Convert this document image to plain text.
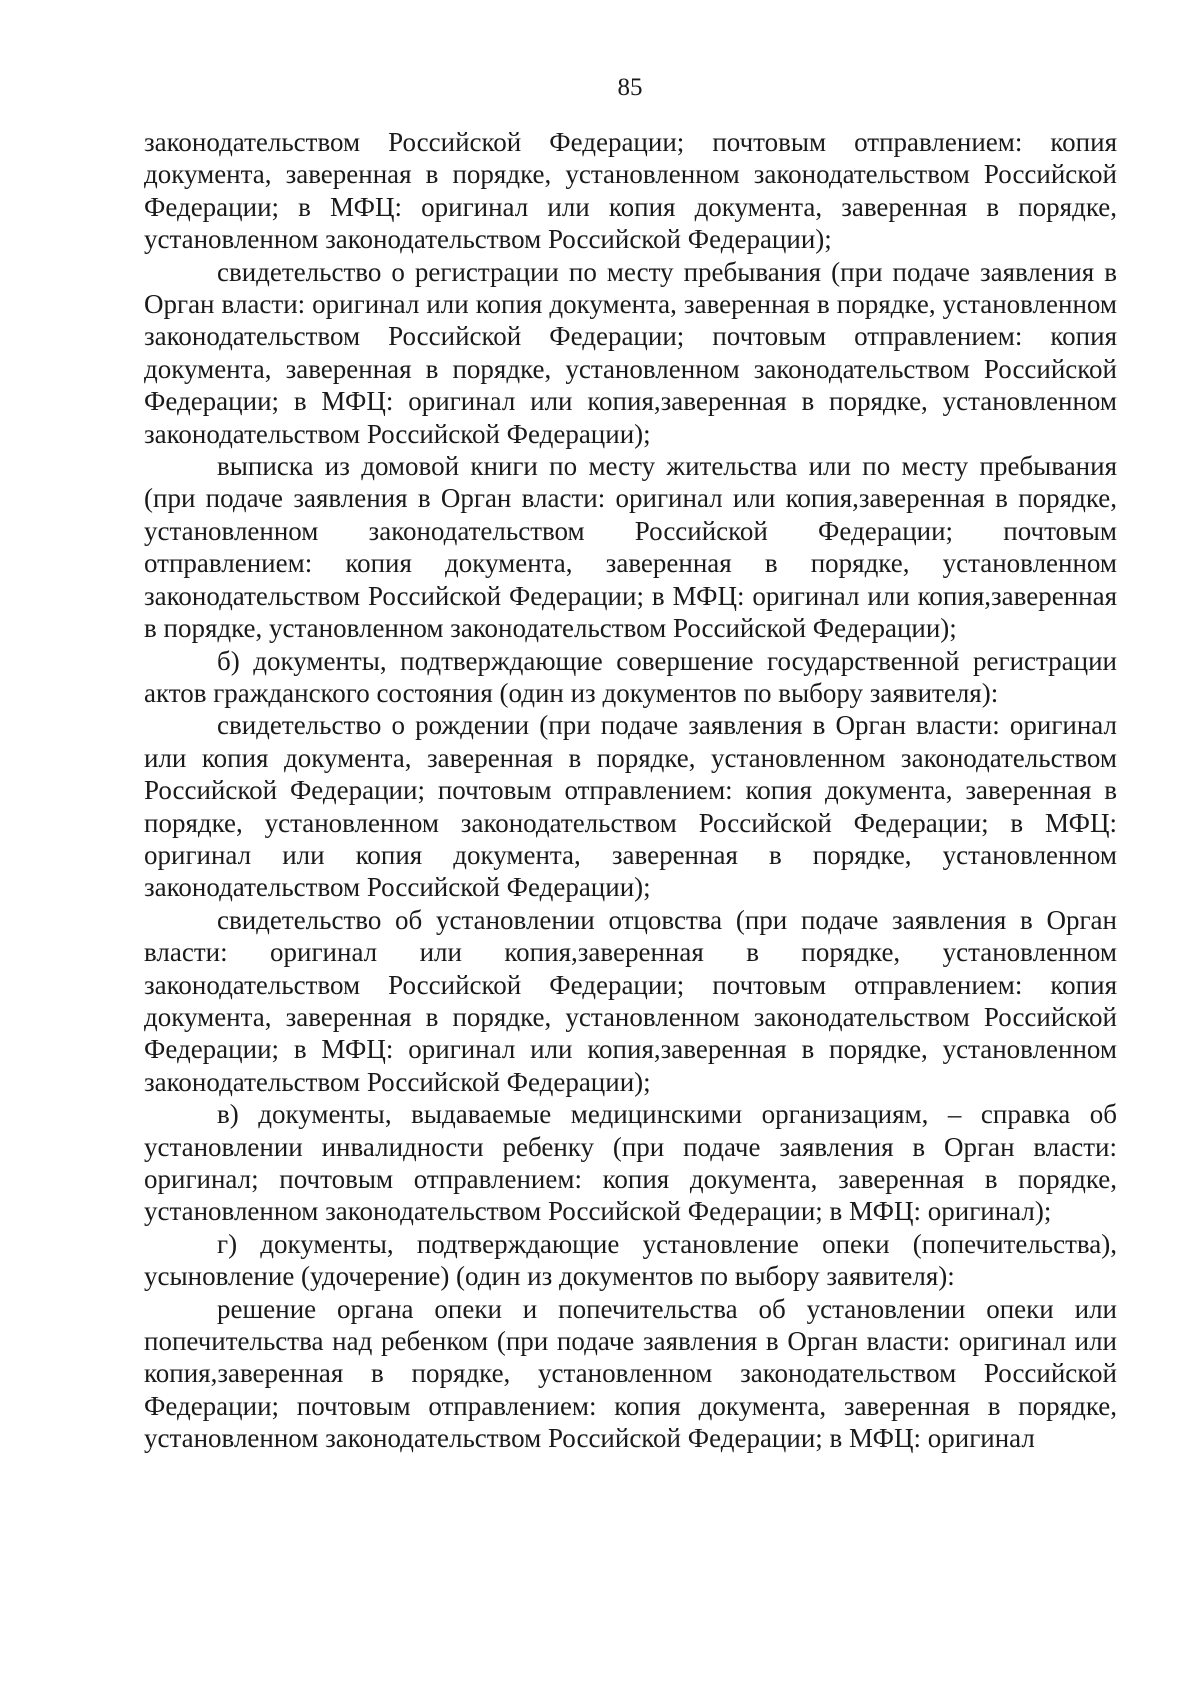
85

законодательством Российской Федерации; почтовым отправлением: копия документа, заверенная в порядке, установленном законодательством Российской Федерации; в МФЦ: оригинал или копия документа, заверенная в порядке, установленном законодательством Российской Федерации);

свидетельство о регистрации по месту пребывания (при подаче заявления в Орган власти: оригинал или копия документа, заверенная в порядке, установленном законодательством Российской Федерации; почтовым отправлением: копия документа, заверенная в порядке, установленном законодательством Российской Федерации; в МФЦ: оригинал или копия,заверенная в порядке, установленном законодательством Российской Федерации);

выписка из домовой книги по месту жительства или по месту пребывания (при подаче заявления в Орган власти: оригинал или копия,заверенная в порядке, установленном законодательством Российской Федерации; почтовым отправлением: копия документа, заверенная в порядке, установленном законодательством Российской Федерации; в МФЦ: оригинал или копия,заверенная в порядке, установленном законодательством Российской Федерации);

б) документы, подтверждающие совершение государственной регистрации актов гражданского состояния (один из документов по выбору заявителя):

свидетельство о рождении (при подаче заявления в Орган власти: оригинал или копия документа, заверенная в порядке, установленном законодательством Российской Федерации; почтовым отправлением: копия документа, заверенная в порядке, установленном законодательством Российской Федерации; в МФЦ: оригинал или копия документа, заверенная в порядке, установленном законодательством Российской Федерации);

свидетельство об установлении отцовства (при подаче заявления в Орган власти: оригинал или копия,заверенная в порядке, установленном законодательством Российской Федерации; почтовым отправлением: копия документа, заверенная в порядке, установленном законодательством Российской Федерации; в МФЦ: оригинал или копия,заверенная в порядке, установленном законодательством Российской Федерации);

в) документы, выдаваемые медицинскими организациям, – справка об установлении инвалидности ребенку (при подаче заявления в Орган власти: оригинал; почтовым отправлением: копия документа, заверенная в порядке, установленном законодательством Российской Федерации; в МФЦ: оригинал);

г) документы, подтверждающие установление опеки (попечительства), усыновление (удочерение) (один из документов по выбору заявителя):

решение органа опеки и попечительства об установлении опеки или попечительства над ребенком (при подаче заявления в Орган власти: оригинал или копия,заверенная в порядке, установленном законодательством Российской Федерации; почтовым отправлением: копия документа, заверенная в порядке, установленном законодательством Российской Федерации; в МФЦ: оригинал
